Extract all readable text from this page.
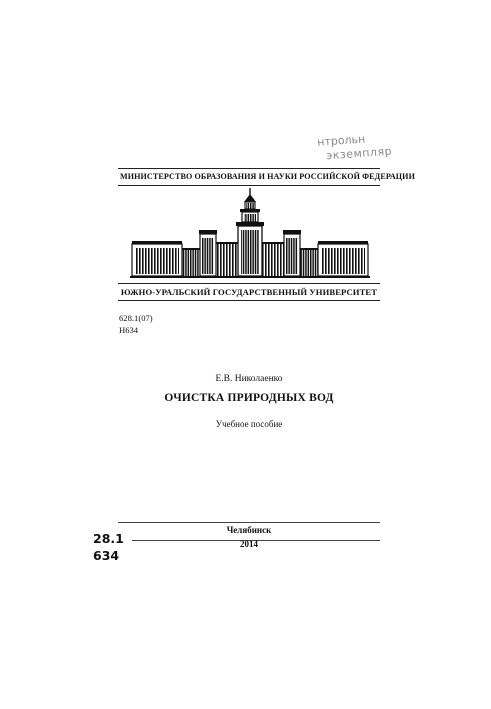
нтрольн
экземпляр
МИНИСТЕРСТВО ОБРАЗОВАНИЯ И НАУКИ РОССИЙСКОЙ ФЕДЕРАЦИИ
ЮЖНО-УРАЛЬСКИЙ ГОСУДАРСТВЕННЫЙ УНИВЕРСИТЕТ
628.1(07)
Н634
Е.В. Николаенко
ОЧИСТКА ПРИРОДНЫХ ВОД
Учебное пособие
Челябинск
2014
28.1
634
